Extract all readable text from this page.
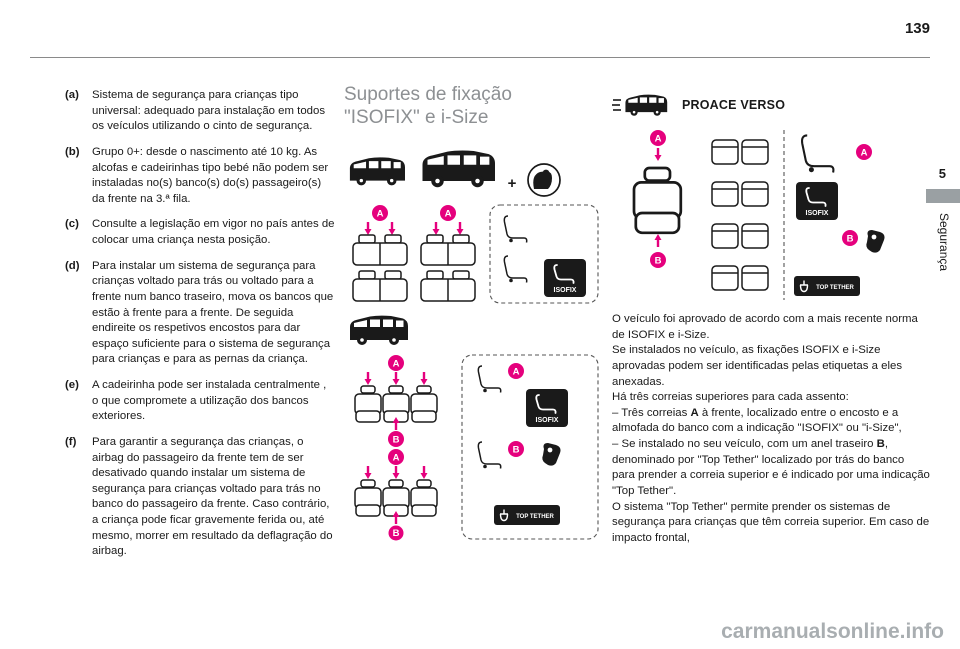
139
(a)	Sistema de segurança para crianças tipo universal: adequado para instalação em todos os veículos utilizando o cinto de segurança.
(b)	Grupo 0+: desde o nascimento até 10 kg. As alcofas e cadeirinhas tipo bebé não podem ser instaladas no(s) banco(s) do(s) passageiro(s) da frente na 3.ª fila.
(c)	Consulte a legislação em vigor no país antes de colocar uma criança nesta posição.
(d)	Para instalar um sistema de segurança para crianças voltado para trás ou voltado para a frente num banco traseiro, mova os bancos que estão à frente para a frente. De seguida endireite os respetivos encostos para dar espaço suficiente para o sistema de segurança para crianças e para as pernas da criança.
(e)	A cadeirinha pode ser instalada centralmente , o que compromete a utilização dos bancos exteriores.
(f)	Para garantir a segurança das crianças, o airbag do passageiro da frente tem de ser desativado quando instalar um sistema de segurança para crianças voltado para trás no banco do passageiro da frente. Caso contrário, a criança pode ficar gravemente ferida ou, até mesmo, morrer em resultado da deflagração do airbag.
Suportes de fixação
"ISOFIX" e i-Size
+
A	A
A
B
A
B
A
B
PROACE VERSO
A
B
A
B

O veículo foi aprovado de acordo com a mais recente norma de ISOFIX e i-Size.

Se instalados no veículo, as fixações ISOFIX e i-Size aprovadas podem ser identificadas pelas etiquetas a eles anexadas.

Há três correias superiores para cada assento:

– Três correias A à frente, localizado entre o encosto e a almofada do banco com a indicação "ISOFIX" ou "i-Size",

– Se instalado no seu veículo, com um anel traseiro B, denominado por "Top Tether" localizado por trás do banco para prender a correia superior e é indicado por uma indicação "Top Tether".

O sistema "Top Tether" permite prender os sistemas de segurança para crianças que têm correia superior. Em caso de impacto frontal,

5
Segurança
carmanualsonline.info
